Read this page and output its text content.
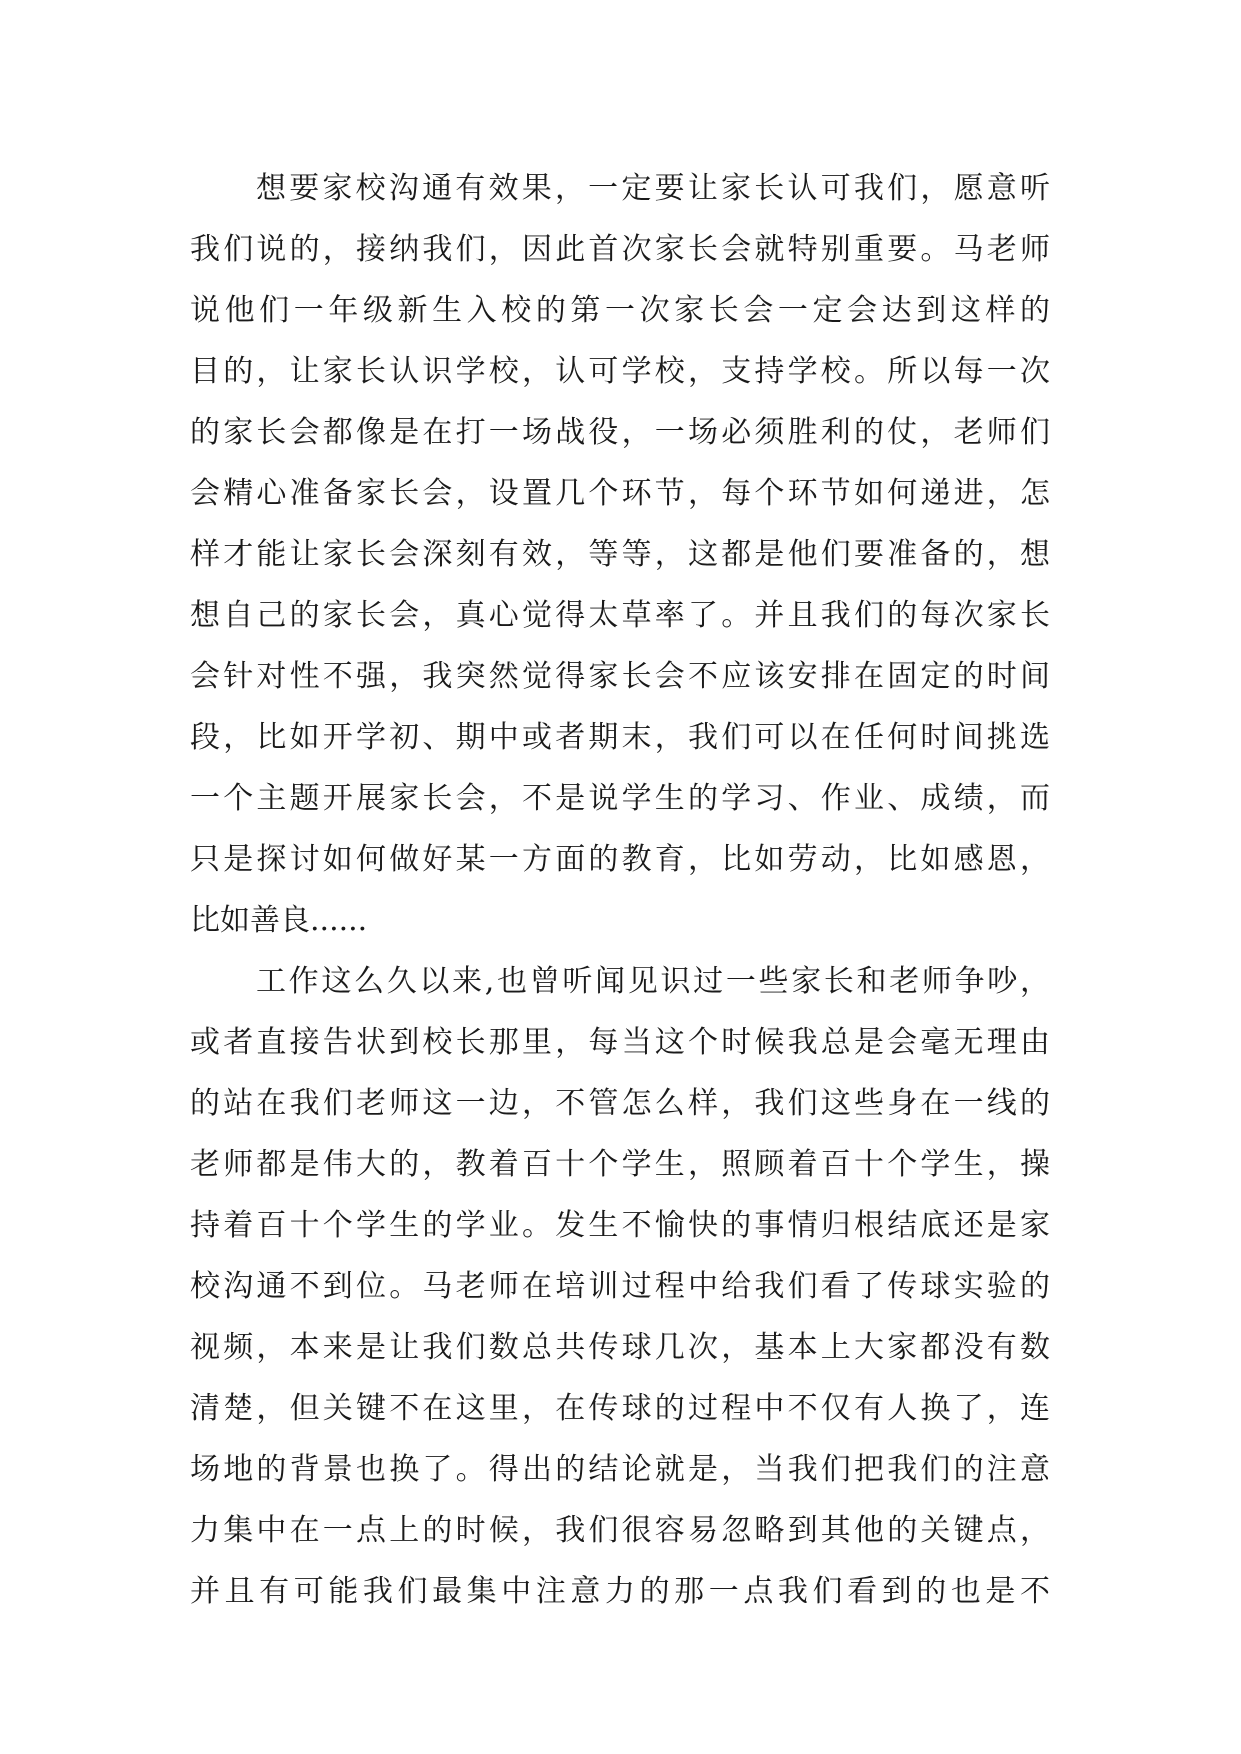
想要家校沟通有效果，一定要让家长认可我们，愿意听
我们说的，接纳我们，因此首次家长会就特别重要。马老师
说他们一年级新生入校的第一次家长会一定会达到这样的
目的，让家长认识学校，认可学校，支持学校。所以每一次
的家长会都像是在打一场战役，一场必须胜利的仗，老师们
会精心准备家长会，设置几个环节，每个环节如何递进，怎
样才能让家长会深刻有效，等等，这都是他们要准备的，想
想自己的家长会，真心觉得太草率了。并且我们的每次家长
会针对性不强，我突然觉得家长会不应该安排在固定的时间
段，比如开学初、期中或者期末，我们可以在任何时间挑选
一个主题开展家长会，不是说学生的学习、作业、成绩，而
只是探讨如何做好某一方面的教育，比如劳动，比如感恩，
比如善良......
工作这么久以来,也曾听闻见识过一些家长和老师争吵，
或者直接告状到校长那里，每当这个时候我总是会毫无理由
的站在我们老师这一边，不管怎么样，我们这些身在一线的
老师都是伟大的，教着百十个学生，照顾着百十个学生，操
持着百十个学生的学业。发生不愉快的事情归根结底还是家
校沟通不到位。马老师在培训过程中给我们看了传球实验的
视频，本来是让我们数总共传球几次，基本上大家都没有数
清楚，但关键不在这里，在传球的过程中不仅有人换了，连
场地的背景也换了。得出的结论就是，当我们把我们的注意
力集中在一点上的时候，我们很容易忽略到其他的关键点，
并且有可能我们最集中注意力的那一点我们看到的也是不
